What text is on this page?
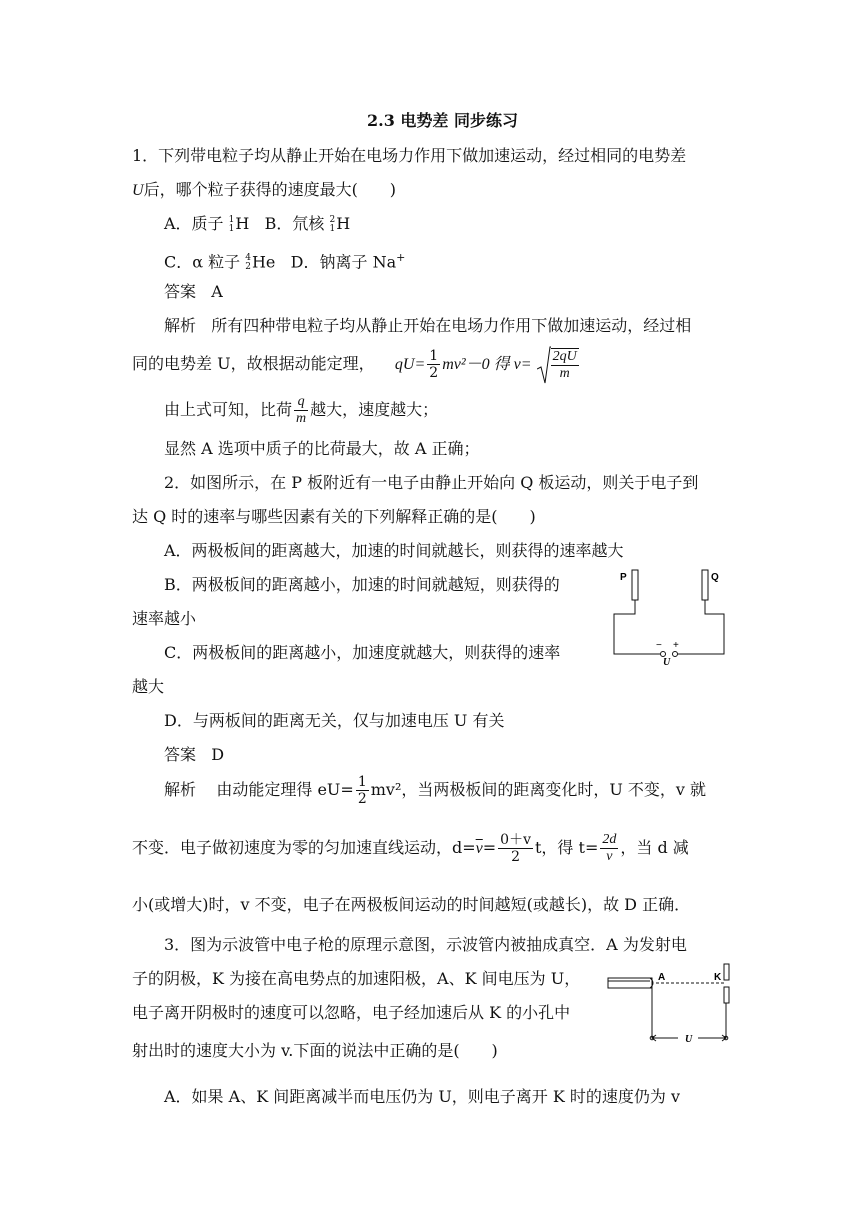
2.3 电势差 同步练习
1．下列带电粒子均从静止开始在电场力作用下做加速运动，经过相同的电势差
U后，哪个粒子获得的速度最大(　　)
A．质子 1
1H B．氘核 2
1H
C．α 粒子 4
2He D．钠离子 Na+
答案 A
解析 所有四种带电粒子均从静止开始在电场力作用下做加速运动，经过相
同的电势差 U，故根据动能定理， $qU= \frac{1}{2} mv^2-0$ 得 $v= \frac{2qU}{m}$
由上式可知，比荷 $\frac{q}{m}$ 越大，速度越大；
显然 A 选项中质子的比荷最大，故 A 正确；
2．如图所示，在 P 板附近有一电子由静止开始向 Q 板运动，则关于电子到
达 Q 时的速率与哪些因素有关的下列解释正确的是(　　)
A．两极板间的距离越大，加速的时间就越长，则获得的速率越大
B．两极板间的距离越小，加速的时间就越短，则获得的
速率越小
C．两极板间的距离越小，加速度就越大，则获得的速率
越大
D．与两板间的距离无关，仅与加速电压 U 有关
答案 D
解析 由动能定理得 $eU= \frac{1}{2} mv^2$，当两极板间的距离变化时，U 不变，v 就
不变．电子做初速度为零的匀加速直线运动，$d=\overline{v}= \frac{0+v}{2}$ t，得 $t= \frac{2d}{v}$ ，当 d 减
小(或增大)时，v 不变，电子在两极板间运动的时间越短(或越长)，故 D 正确．
P	Q
− +
U
3．图为示波管中电子枪的原理示意图，示波管内被抽成真空．A 为发射电
子的阴极，K 为接在高电势点的加速阳极，A、K 间电压为 U，
电子离开阴极时的速度可以忽略，电子经加速后从 K 的小孔中
射出时的速度大小为 v.下面的说法中正确的是(　　)
A．如果 A、K 间距离减半而电压仍为 U，则电子离开 K 时的速度仍为 v
A	K
U
